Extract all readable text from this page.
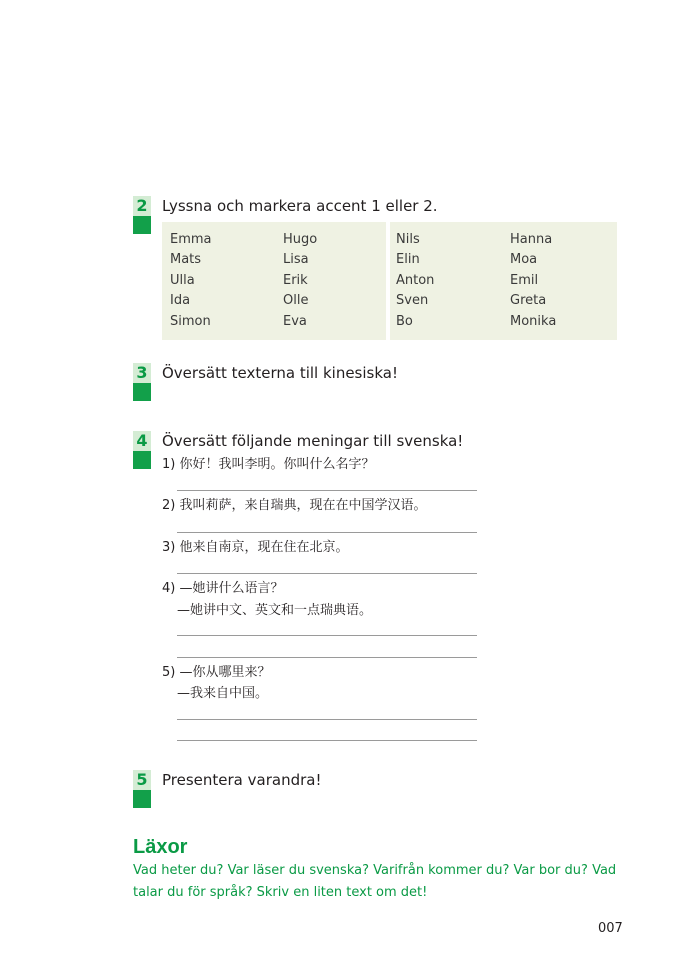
2 Lyssna och markera accent 1 eller 2.
Emma
Mats
Ulla
Ida
Simon
Hugo
Lisa
Erik
Olle
Eva
Nils
Elin
Anton
Sven
Bo
Hanna
Moa
Emil
Greta
Monika
3 Översätt texterna till kinesiska!
4 Översätt följande meningar till svenska!
1) 你好！我叫李明。你叫什么名字？
2) 我叫莉萨，来自瑞典，现在在中国学汉语。
3) 他来自南京，现在住在北京。
4) —她讲什么语言？
—她讲中文、英文和一点瑞典语。
5) —你从哪里来？
—我来自中国。
5 Presentera varandra!
Läxor
Vad heter du? Var läser du svenska? Varifrån kommer du? Var bor du? Vad talar du för språk? Skriv en liten text om det!
007
